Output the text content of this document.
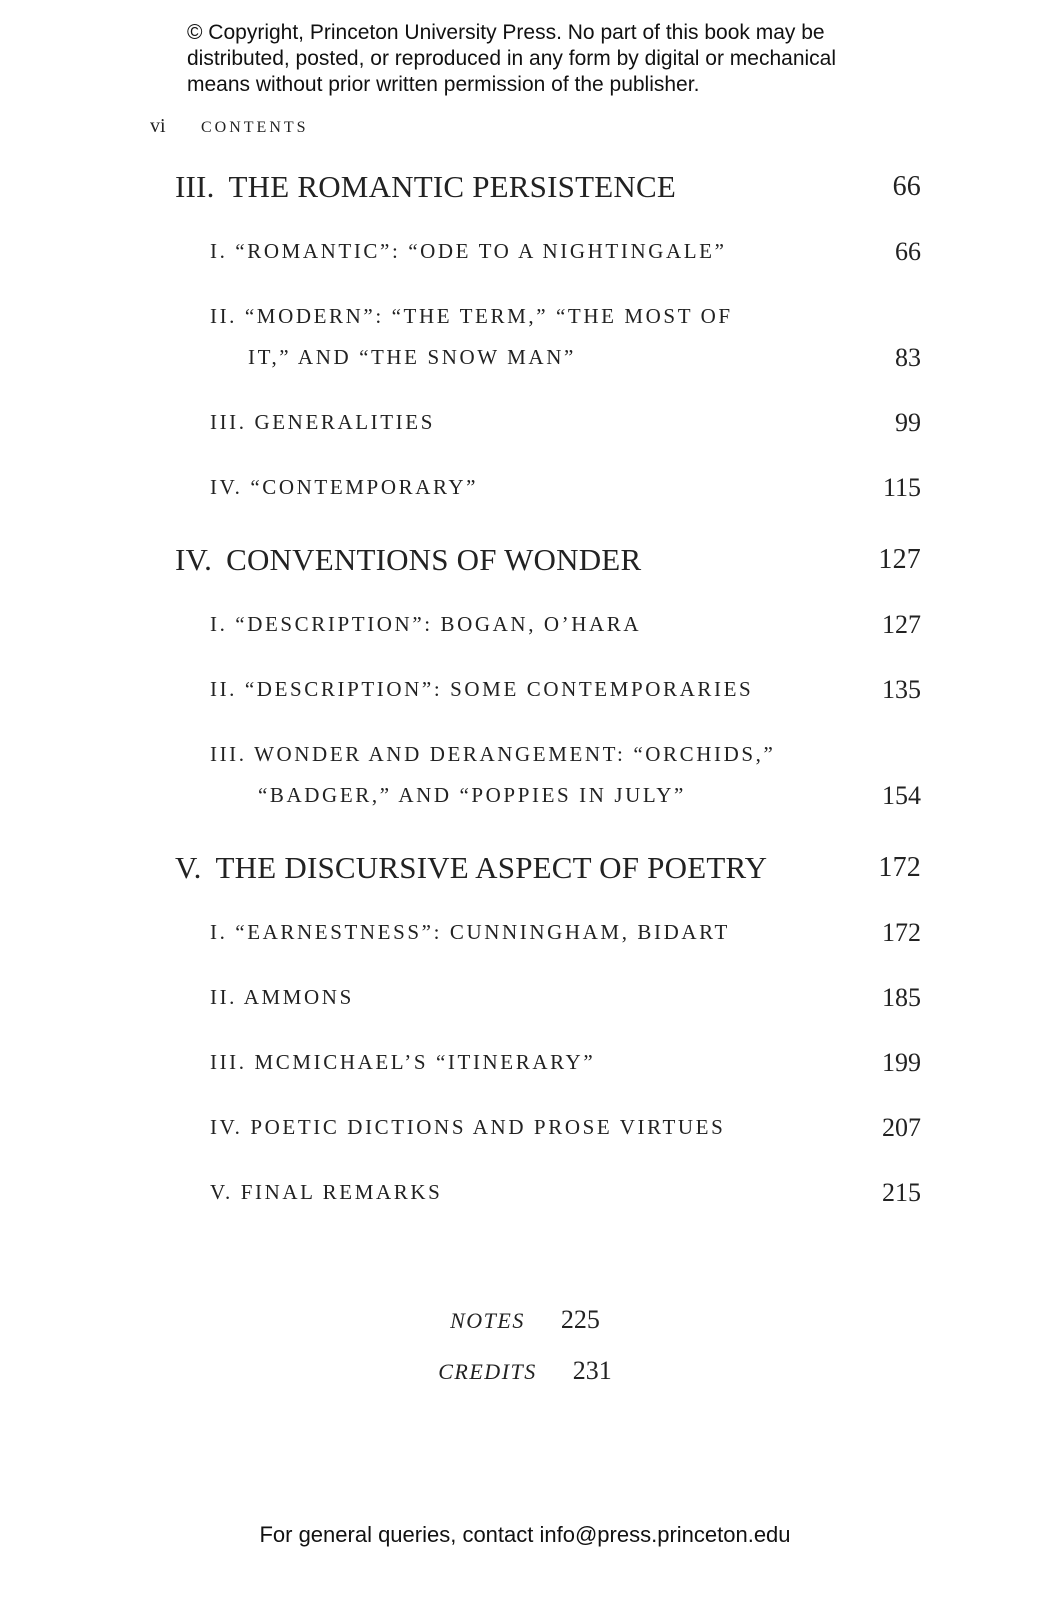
© Copyright, Princeton University Press. No part of this book may be
distributed, posted, or reproduced in any form by digital or mechanical
means without prior written permission of the publisher.
vi CONTENTS
III. THE ROMANTIC PERSISTENCE	66
I. “ROMANTIC”: “ODE TO A NIGHTINGALE”	66
II. “MODERN”: “THE TERM,” “THE MOST OF
IT,” AND “THE SNOW MAN”	83
III. GENERALITIES	99
IV. “CONTEMPORARY”	115
IV. CONVENTIONS OF WONDER	127
I. “DESCRIPTION”: BOGAN, O’HARA	127
II. “DESCRIPTION”: SOME CONTEMPORARIES	135
III. WONDER AND DERANGEMENT: “ORCHIDS,”
“BADGER,” AND “POPPIES IN JULY”	154
V. THE DISCURSIVE ASPECT OF POETRY	172
I. “EARNESTNESS”: CUNNINGHAM, BIDART	172
II. AMMONS	185
III. MCMICHAEL’S “ITINERARY”	199
IV. POETIC DICTIONS AND PROSE VIRTUES	207
V. FINAL REMARKS	215
NOTES 225
CREDITS 231
For general queries, contact info@press.princeton.edu
